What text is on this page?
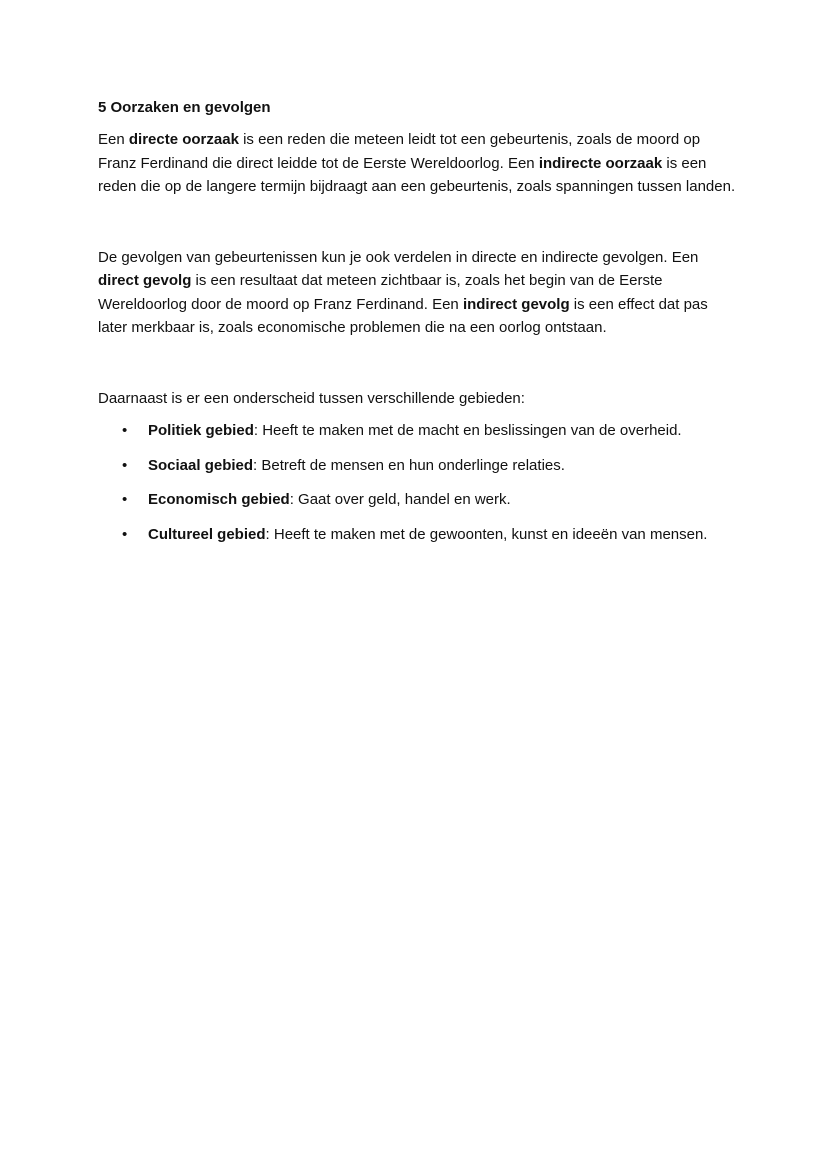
5 Oorzaken en gevolgen

Een directe oorzaak is een reden die meteen leidt tot een gebeurtenis, zoals de moord op Franz Ferdinand die direct leidde tot de Eerste Wereldoorlog. Een indirecte oorzaak is een reden die op de langere termijn bijdraagt aan een gebeurtenis, zoals spanningen tussen landen.

De gevolgen van gebeurtenissen kun je ook verdelen in directe en indirecte gevolgen. Een direct gevolg is een resultaat dat meteen zichtbaar is, zoals het begin van de Eerste Wereldoorlog door de moord op Franz Ferdinand. Een indirect gevolg is een effect dat pas later merkbaar is, zoals economische problemen die na een oorlog ontstaan.

Daarnaast is er een onderscheid tussen verschillende gebieden:

• Politiek gebied: Heeft te maken met de macht en beslissingen van de overheid.
• Sociaal gebied: Betreft de mensen en hun onderlinge relaties.
• Economisch gebied: Gaat over geld, handel en werk.
• Cultureel gebied: Heeft te maken met de gewoonten, kunst en ideeën van mensen.
